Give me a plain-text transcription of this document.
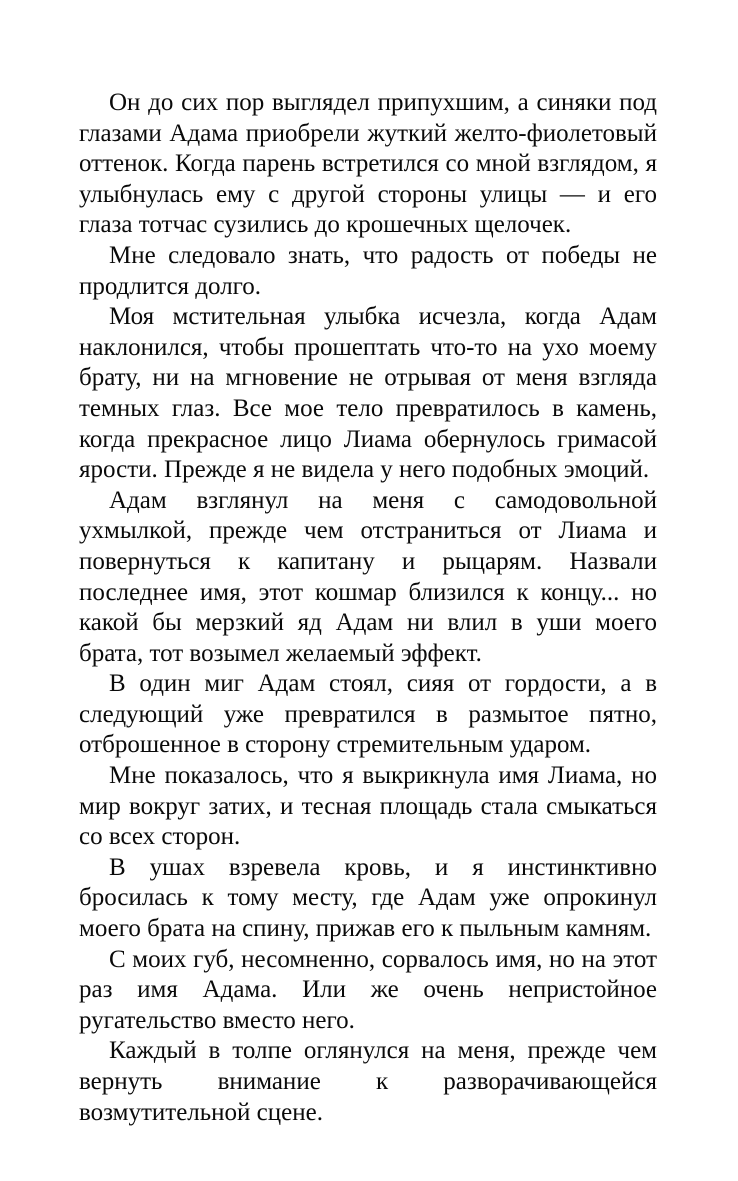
Он до сих пор выглядел припухшим, а синяки под глазами Адама приобрели жуткий желто-фиолетовый оттенок. Когда парень встретился со мной взглядом, я улыбнулась ему с другой стороны улицы — и его глаза тотчас сузились до крошечных щелочек.

Мне следовало знать, что радость от победы не продлится долго.

Моя мстительная улыбка исчезла, когда Адам наклонился, чтобы прошептать что-то на ухо моему брату, ни на мгновение не отрывая от меня взгляда темных глаз. Все мое тело превратилось в камень, когда прекрасное лицо Лиама обернулось гримасой ярости. Прежде я не видела у него подобных эмоций.

Адам взглянул на меня с самодовольной ухмылкой, прежде чем отстраниться от Лиама и повернуться к капитану и рыцарям. Назвали последнее имя, этот кошмар близился к концу... но какой бы мерзкий яд Адам ни влил в уши моего брата, тот возымел желаемый эффект.

В один миг Адам стоял, сияя от гордости, а в следующий уже превратился в размытое пятно, отброшенное в сторону стремительным ударом.

Мне показалось, что я выкрикнула имя Лиама, но мир вокруг затих, и тесная площадь стала смыкаться со всех сторон.

В ушах взревела кровь, и я инстинктивно бросилась к тому месту, где Адам уже опрокинул моего брата на спину, прижав его к пыльным камням.

С моих губ, несомненно, сорвалось имя, но на этот раз имя Адама. Или же очень непристойное ругательство вместо него.

Каждый в толпе оглянулся на меня, прежде чем вернуть внимание к разворачивающейся возмутительной сцене.
